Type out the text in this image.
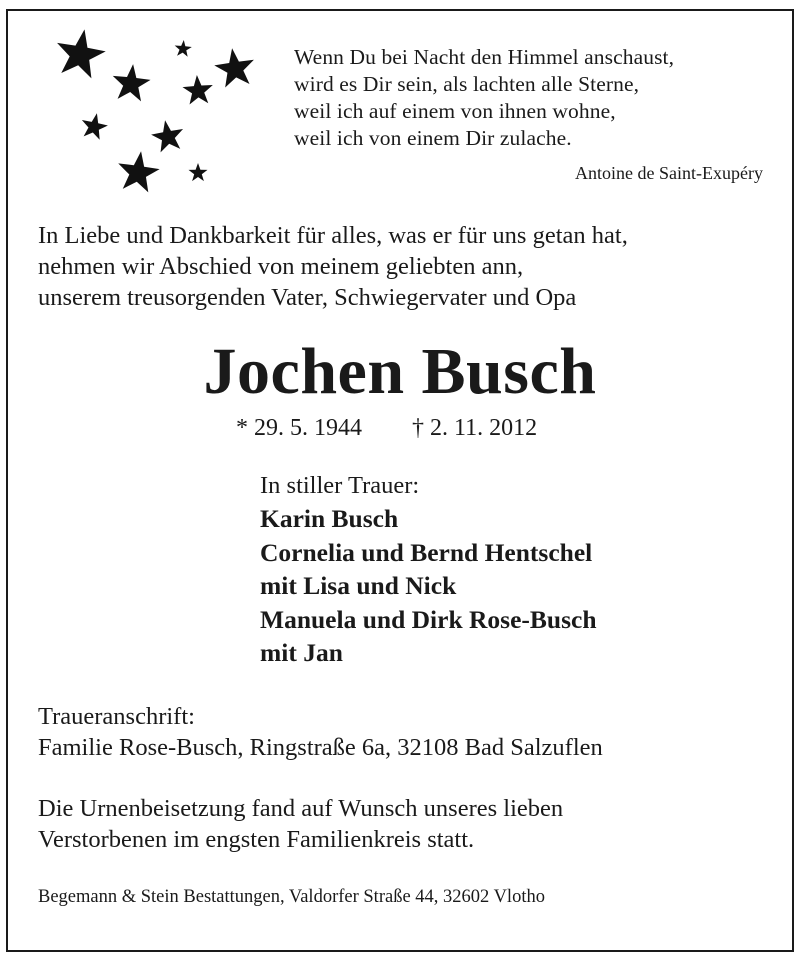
Wenn Du bei Nacht den Himmel anschaust,
wird es Dir sein, als lachten alle Sterne,
weil ich auf einem von ihnen wohne,
weil ich von einem Dir zulache.
Antoine de Saint-Exupéry
In Liebe und Dankbarkeit für alles, was er für uns getan hat,
nehmen wir Abschied von meinem geliebten ann,
unserem treusorgenden Vater, Schwiegervater und Opa
Jochen Busch
* 29. 5. 1944 † 2. 11. 2012
In stiller Trauer:
Karin Busch
Cornelia und Bernd Hentschel
mit Lisa und Nick
Manuela und Dirk Rose-Busch
mit Jan
Traueranschrift:
Familie Rose-Busch, Ringstraße 6a, 32108 Bad Salzuflen
Die Urnenbeisetzung fand auf Wunsch unseres lieben
Verstorbenen im engsten Familienkreis statt.
Begemann & Stein Bestattungen, Valdorfer Straße 44, 32602 Vlotho
